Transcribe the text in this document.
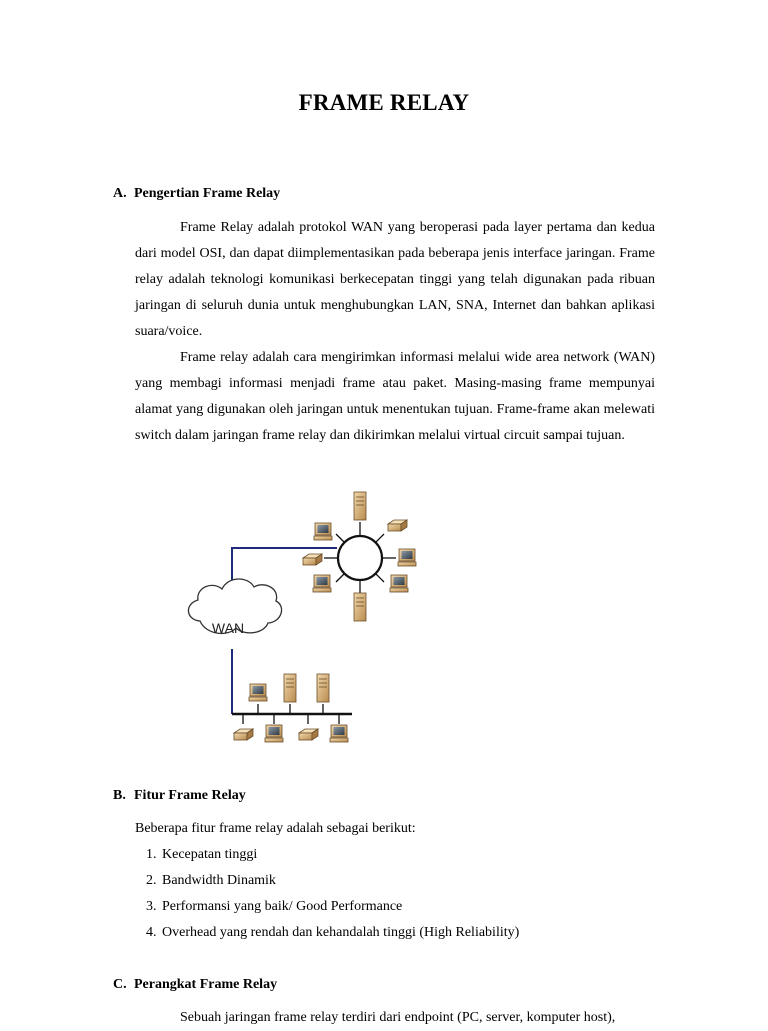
FRAME RELAY
A. Pengertian Frame Relay

Frame Relay adalah protokol WAN yang beroperasi pada layer pertama dan kedua dari model OSI, dan dapat diimplementasikan pada beberapa jenis interface jaringan. Frame relay adalah teknologi komunikasi berkecepatan tinggi yang telah digunakan pada ribuan jaringan di seluruh dunia untuk menghubungkan LAN, SNA, Internet dan bahkan aplikasi suara/voice.

Frame relay adalah cara mengirimkan informasi melalui wide area network (WAN) yang membagi informasi menjadi frame atau paket. Masing-masing frame mempunyai alamat yang digunakan oleh jaringan untuk menentukan tujuan. Frame-frame akan melewati switch dalam jaringan frame relay dan dikirimkan melalui virtual circuit sampai tujuan.

WAN
B. Fitur Frame Relay
Beberapa fitur frame relay adalah sebagai berikut:
1. Kecepatan tinggi
2. Bandwidth Dinamik
3. Performansi yang baik/ Good Performance
4. Overhead yang rendah dan kehandalah tinggi (High Reliability)
C. Perangkat Frame Relay

Sebuah jaringan frame relay terdiri dari endpoint (PC, server, komputer host),
